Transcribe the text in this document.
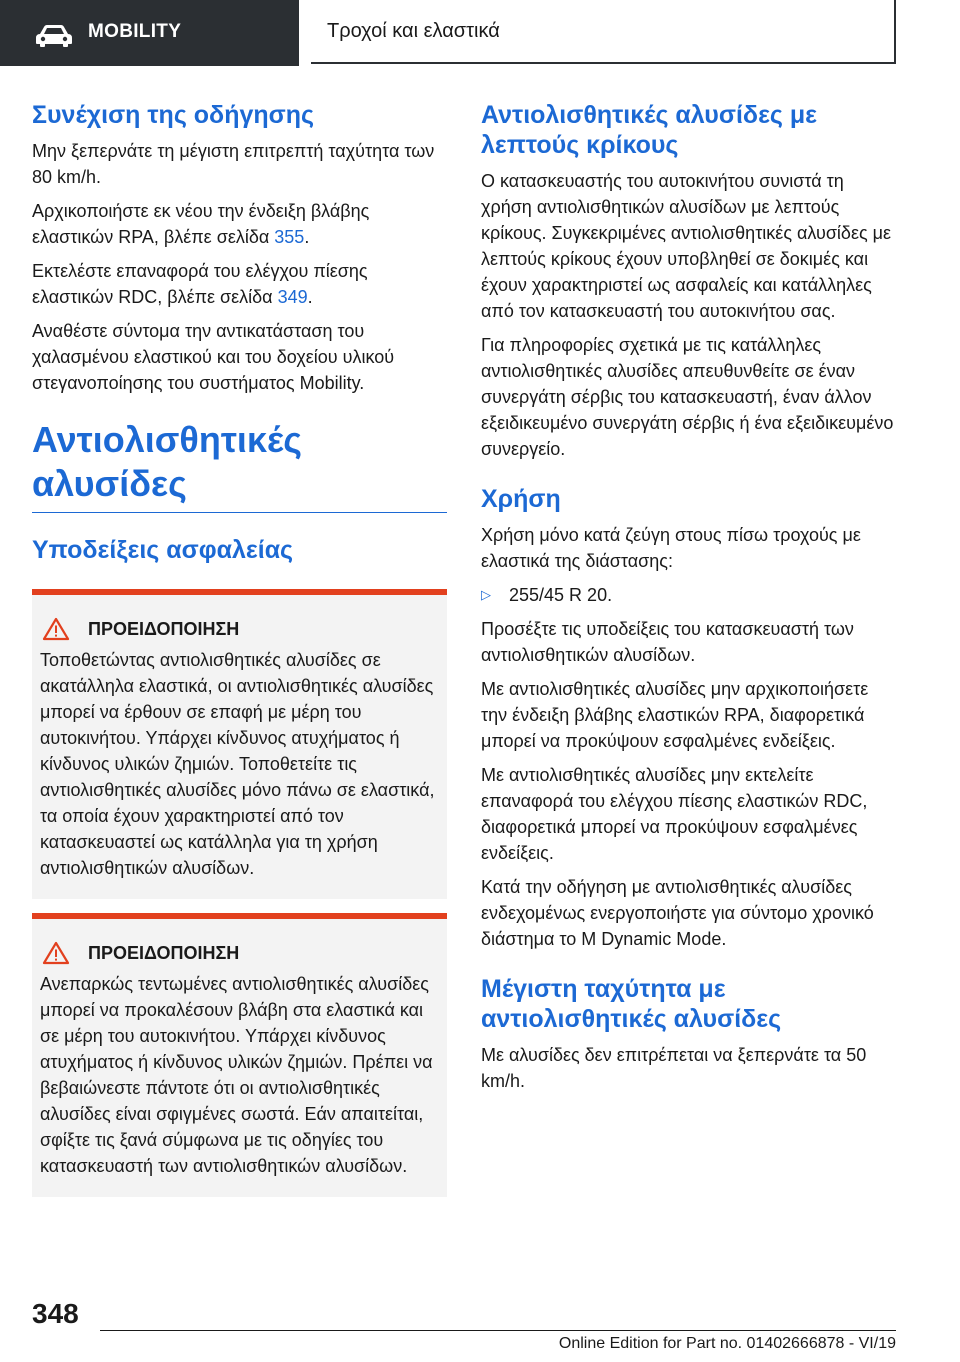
MOBILITY	Τροχοί και ελαστικά
Συνέχιση της οδήγησης

Μην ξεπερνάτε τη μέγιστη επιτρεπτή ταχύτητα των 80 km/h.

Αρχικοποιήστε εκ νέου την ένδειξη βλάβης ελαστικών RPA, βλέπε σελίδα 355.

Εκτελέστε επαναφορά του ελέγχου πίεσης ελαστικών RDC, βλέπε σελίδα 349.

Αναθέστε σύντομα την αντικατάσταση του χαλασμένου ελαστικού και του δοχείου υλικού στεγανοποίησης του συστήματος Mobility.

Αντιολισθητικές αλυσίδες
Υποδείξεις ασφαλείας
ΠΡΟΕΙΔΟΠΟΙΗΣΗ

Τοποθετώντας αντιολισθητικές αλυσίδες σε ακατάλληλα ελαστικά, οι αντιολισθητικές αλυσίδες μπορεί να έρθουν σε επαφή με μέρη του αυτοκινήτου. Υπάρχει κίνδυνος ατυχήματος ή κίνδυνος υλικών ζημιών. Τοποθετείτε τις αντιολισθητικές αλυσίδες μόνο πάνω σε ελαστικά, τα οποία έχουν χαρακτηριστεί από τον κατασκευαστεί ως κατάλληλα για τη χρήση αντιολισθητικών αλυσίδων.

ΠΡΟΕΙΔΟΠΟΙΗΣΗ

Ανεπαρκώς τεντωμένες αντιολισθητικές αλυσίδες μπορεί να προκαλέσουν βλάβη στα ελαστικά και σε μέρη του αυτοκινήτου. Υπάρχει κίνδυνος ατυχήματος ή κίνδυνος υλικών ζημιών. Πρέπει να βεβαιώνεστε πάντοτε ότι οι αντιολισθητικές αλυσίδες είναι σφιγμένες σωστά. Εάν απαιτείται, σφίξτε τις ξανά σύμφωνα με τις οδηγίες του κατασκευαστή των αντιολισθητικών αλυσίδων.

Αντιολισθητικές αλυσίδες με λεπτούς κρίκους

Ο κατασκευαστής του αυτοκινήτου συνιστά τη χρήση αντιολισθητικών αλυσίδων με λεπτούς κρίκους. Συγκεκριμένες αντιολισθητικές αλυσίδες με λεπτούς κρίκους έχουν υποβληθεί σε δοκιμές και έχουν χαρακτηριστεί ως ασφαλείς και κατάλληλες από τον κατασκευαστή του αυτοκινήτου σας.

Για πληροφορίες σχετικά με τις κατάλληλες αντιολισθητικές αλυσίδες απευθυνθείτε σε έναν συνεργάτη σέρβις του κατασκευαστή, έναν άλλον εξειδικευμένο συνεργάτη σέρβις ή ένα εξειδικευμένο συνεργείο.

Χρήση

Χρήση μόνο κατά ζεύγη στους πίσω τροχούς με ελαστικά της διάστασης:

▷	255/45 R 20.

Προσέξτε τις υποδείξεις του κατασκευαστή των αντιολισθητικών αλυσίδων.

Με αντιολισθητικές αλυσίδες μην αρχικοποιήσετε την ένδειξη βλάβης ελαστικών RPA, διαφορετικά μπορεί να προκύψουν εσφαλμένες ενδείξεις.

Με αντιολισθητικές αλυσίδες μην εκτελείτε επαναφορά του ελέγχου πίεσης ελαστικών RDC, διαφορετικά μπορεί να προκύψουν εσφαλμένες ενδείξεις.

Κατά την οδήγηση με αντιολισθητικές αλυσίδες ενδεχομένως ενεργοποιήστε για σύντομο χρονικό διάστημα το M Dynamic Mode.

Μέγιστη ταχύτητα με αντιολισθητικές αλυσίδες

Με αλυσίδες δεν επιτρέπεται να ξεπερνάτε τα 50 km/h.

348
Online Edition for Part no. 01402666878 - VI/19
